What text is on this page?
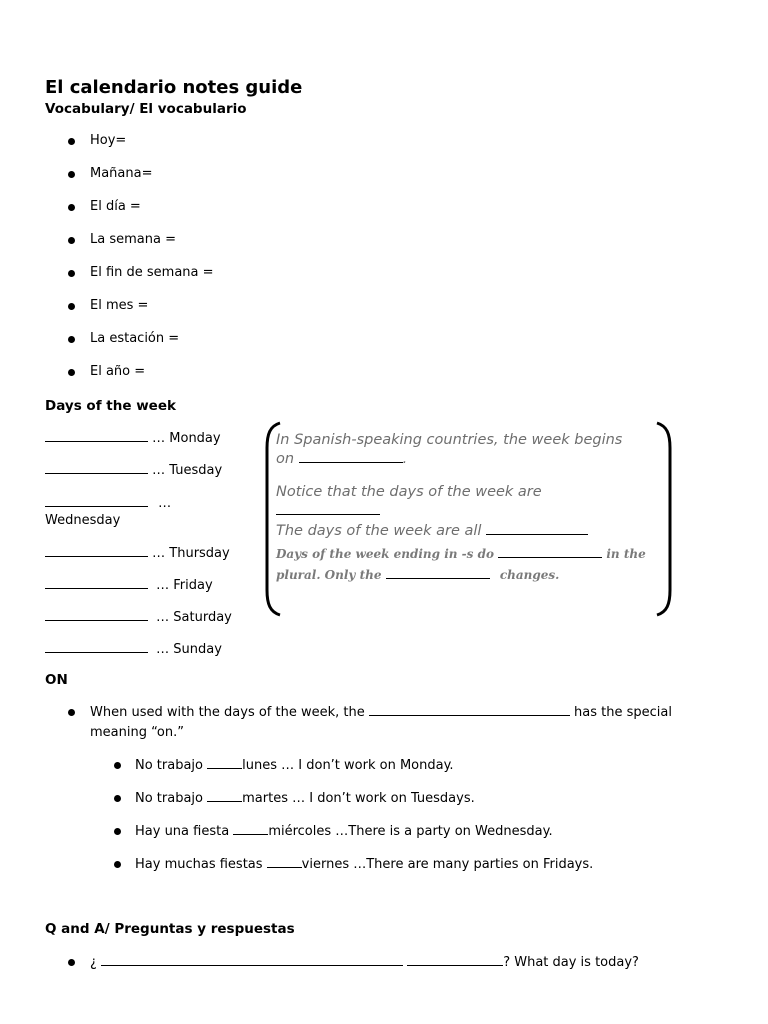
El calendario notes guide
Vocabulary/ El vocabulario
Hoy=
Mañana=
El día =
La semana =
El fin de semana =
El mes =
La estación =
El año =
Days of the week
… Monday
… Tuesday
…
Wednesday
… Thursday
… Friday
… Saturday
… Sunday
In Spanish-speaking countries, the week begins
on	.
Notice that the days of the week are
The days of the week are all
Days of the week ending in -s do	in the
plural. Only the	changes.
ON
When used with the days of the week, the	has the special
meaning “on.”
No trabajo	lunes … I don’t work on Monday.
No trabajo	martes … I don’t work on Tuesdays.
Hay una fiesta	miércoles …There is a party on Wednesday.
Hay muchas fiestas	viernes …There are many parties on Fridays.
Q and A/ Preguntas y respuestas
¿	? What day is today?
